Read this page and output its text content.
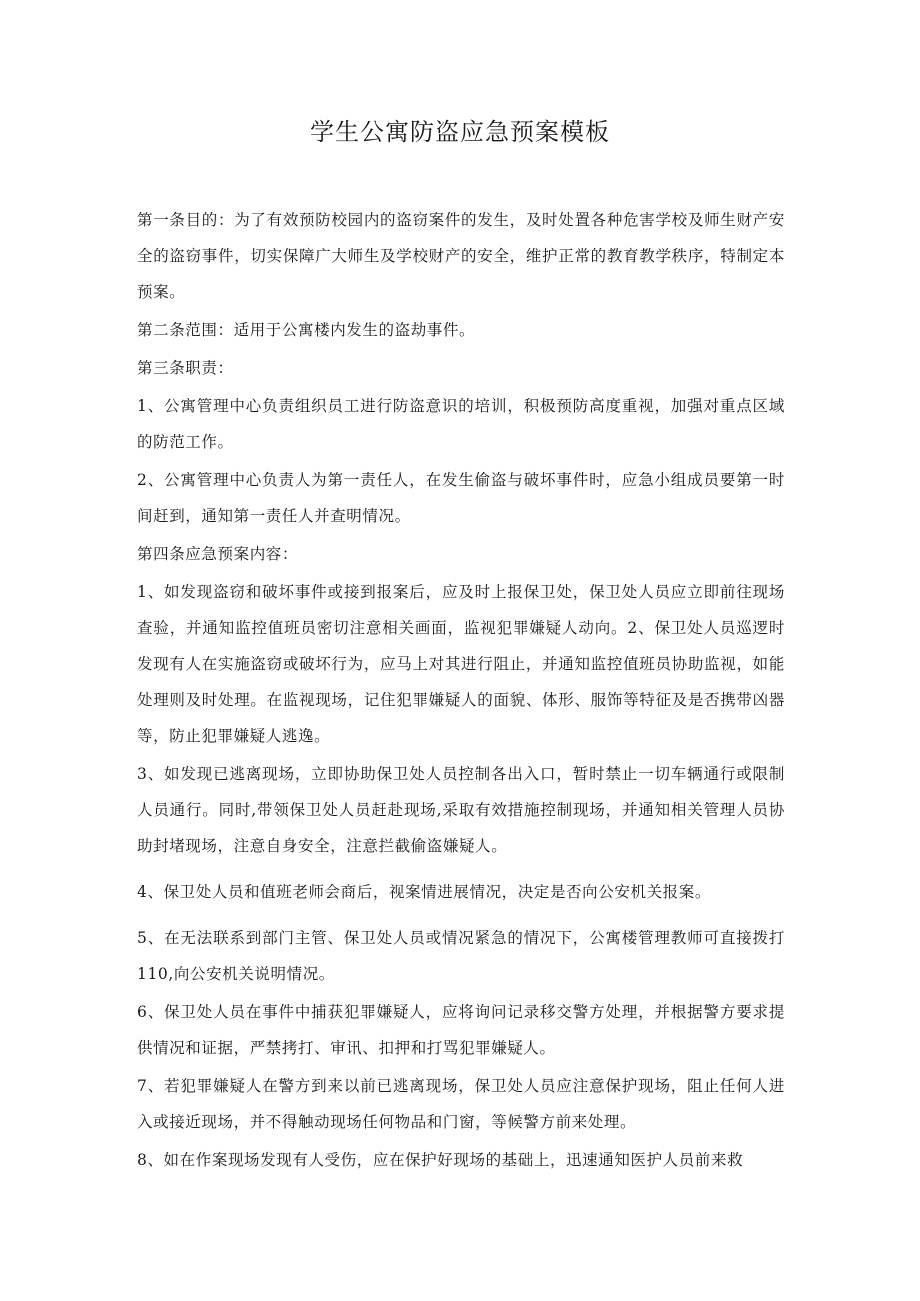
学生公寓防盗应急预案模板

第一条目的：为了有效预防校园内的盗窃案件的发生，及时处置各种危害学校及师生财产安全的盗窃事件，切实保障广大师生及学校财产的安全，维护正常的教育教学秩序，特制定本预案。

第二条范围：适用于公寓楼内发生的盗劫事件。

第三条职责：

1、公寓管理中心负责组织员工进行防盗意识的培训，积极预防高度重视，加强对重点区域的防范工作。

2、公寓管理中心负责人为第一责任人，在发生偷盗与破坏事件时，应急小组成员要第一时间赶到，通知第一责任人并查明情况。

第四条应急预案内容：

1、如发现盗窃和破坏事件或接到报案后，应及时上报保卫处，保卫处人员应立即前往现场查验，并通知监控值班员密切注意相关画面，监视犯罪嫌疑人动向。2、保卫处人员巡逻时发现有人在实施盗窃或破坏行为，应马上对其进行阻止，并通知监控值班员协助监视，如能处理则及时处理。在监视现场，记住犯罪嫌疑人的面貌、体形、服饰等特征及是否携带凶器等，防止犯罪嫌疑人逃逸。

3、如发现已逃离现场，立即协助保卫处人员控制各出入口，暂时禁止一切车辆通行或限制人员通行。同时,带领保卫处人员赶赴现场,采取有效措施控制现场，并通知相关管理人员协助封堵现场，注意自身安全，注意拦截偷盗嫌疑人。

4、保卫处人员和值班老师会商后，视案情进展情况，决定是否向公安机关报案。

5、在无法联系到部门主管、保卫处人员或情况紧急的情况下，公寓楼管理教师可直接拨打110,向公安机关说明情况。

6、保卫处人员在事件中捕获犯罪嫌疑人，应将询问记录移交警方处理，并根据警方要求提供情况和证据，严禁拷打、审讯、扣押和打骂犯罪嫌疑人。

7、若犯罪嫌疑人在警方到来以前已逃离现场，保卫处人员应注意保护现场，阻止任何人进入或接近现场，并不得触动现场任何物品和门窗，等候警方前来处理。

8、如在作案现场发现有人受伤，应在保护好现场的基础上，迅速通知医护人员前来救
